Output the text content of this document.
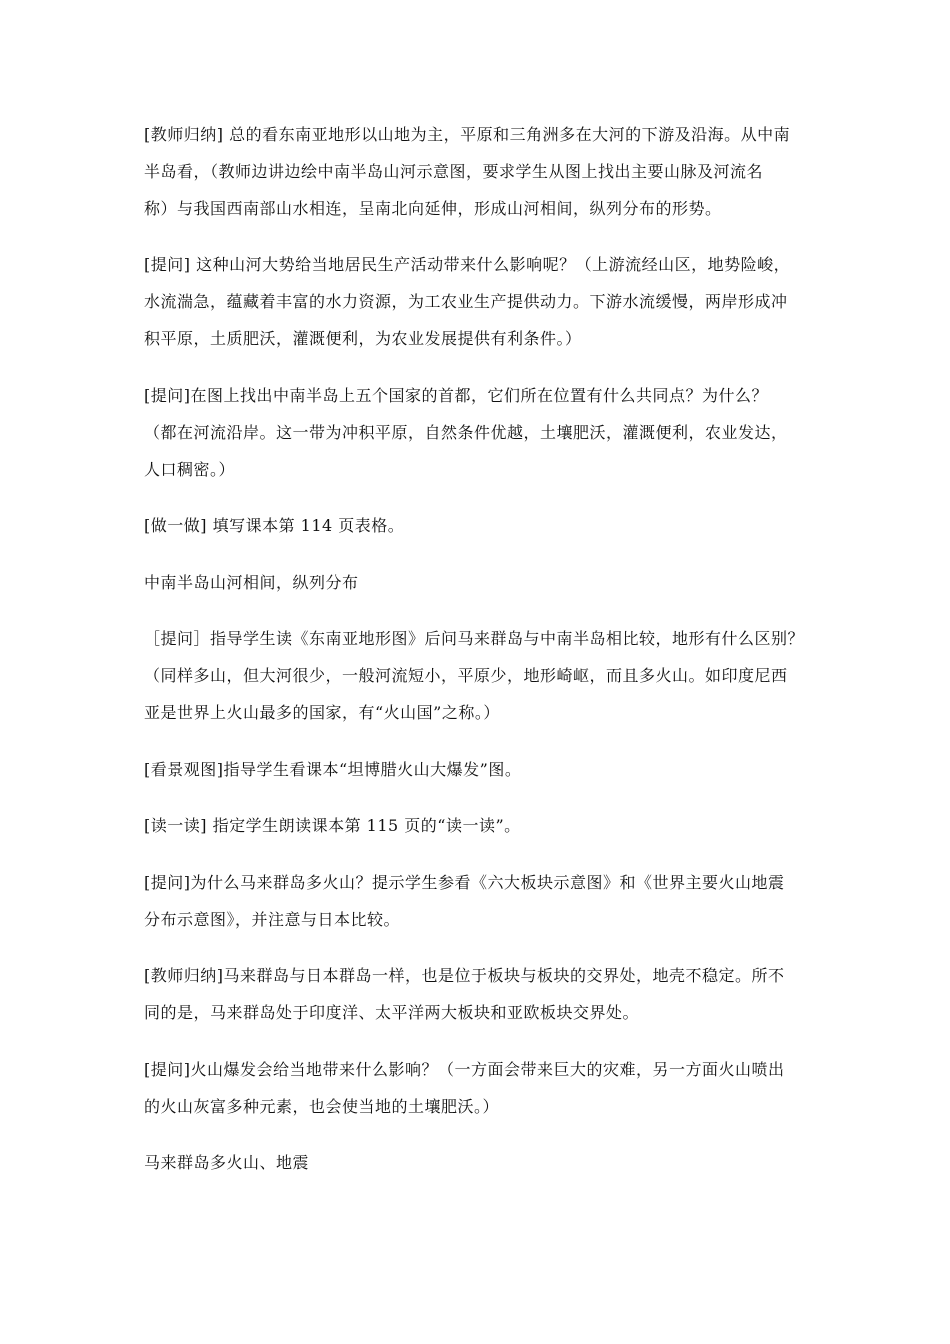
[教师归纳] 总的看东南亚地形以山地为主，平原和三角洲多在大河的下游及沿海。从中南
半岛看，（教师边讲边绘中南半岛山河示意图，要求学生从图上找出主要山脉及河流名
称）与我国西南部山水相连，呈南北向延伸，形成山河相间，纵列分布的形势。
[提问] 这种山河大势给当地居民生产活动带来什么影响呢？（上游流经山区，地势险峻，
水流湍急，蕴藏着丰富的水力资源，为工农业生产提供动力。下游水流缓慢，两岸形成冲
积平原，土质肥沃，灌溉便利，为农业发展提供有利条件。）
[提问]在图上找出中南半岛上五个国家的首都，它们所在位置有什么共同点？为什么？
（都在河流沿岸。这一带为冲积平原，自然条件优越，土壤肥沃，灌溉便利，农业发达，
人口稠密。）
[做一做] 填写课本第 114 页表格。
中南半岛山河相间，纵列分布
［提问］指导学生读《东南亚地形图》后问马来群岛与中南半岛相比较，地形有什么区别？
（同样多山，但大河很少，一般河流短小，平原少，地形崎岖，而且多火山。如印度尼西
亚是世界上火山最多的国家，有“火山国”之称。）
[看景观图]指导学生看课本“坦博腊火山大爆发”图。
[读一读] 指定学生朗读课本第 115 页的“读一读”。
[提问]为什么马来群岛多火山？提示学生参看《六大板块示意图》和《世界主要火山地震
分布示意图》，并注意与日本比较。
[教师归纳]马来群岛与日本群岛一样，也是位于板块与板块的交界处，地壳不稳定。所不
同的是，马来群岛处于印度洋、太平洋两大板块和亚欧板块交界处。
[提问]火山爆发会给当地带来什么影响？（一方面会带来巨大的灾难，另一方面火山喷出
的火山灰富多种元素，也会使当地的土壤肥沃。）
马来群岛多火山、地震
